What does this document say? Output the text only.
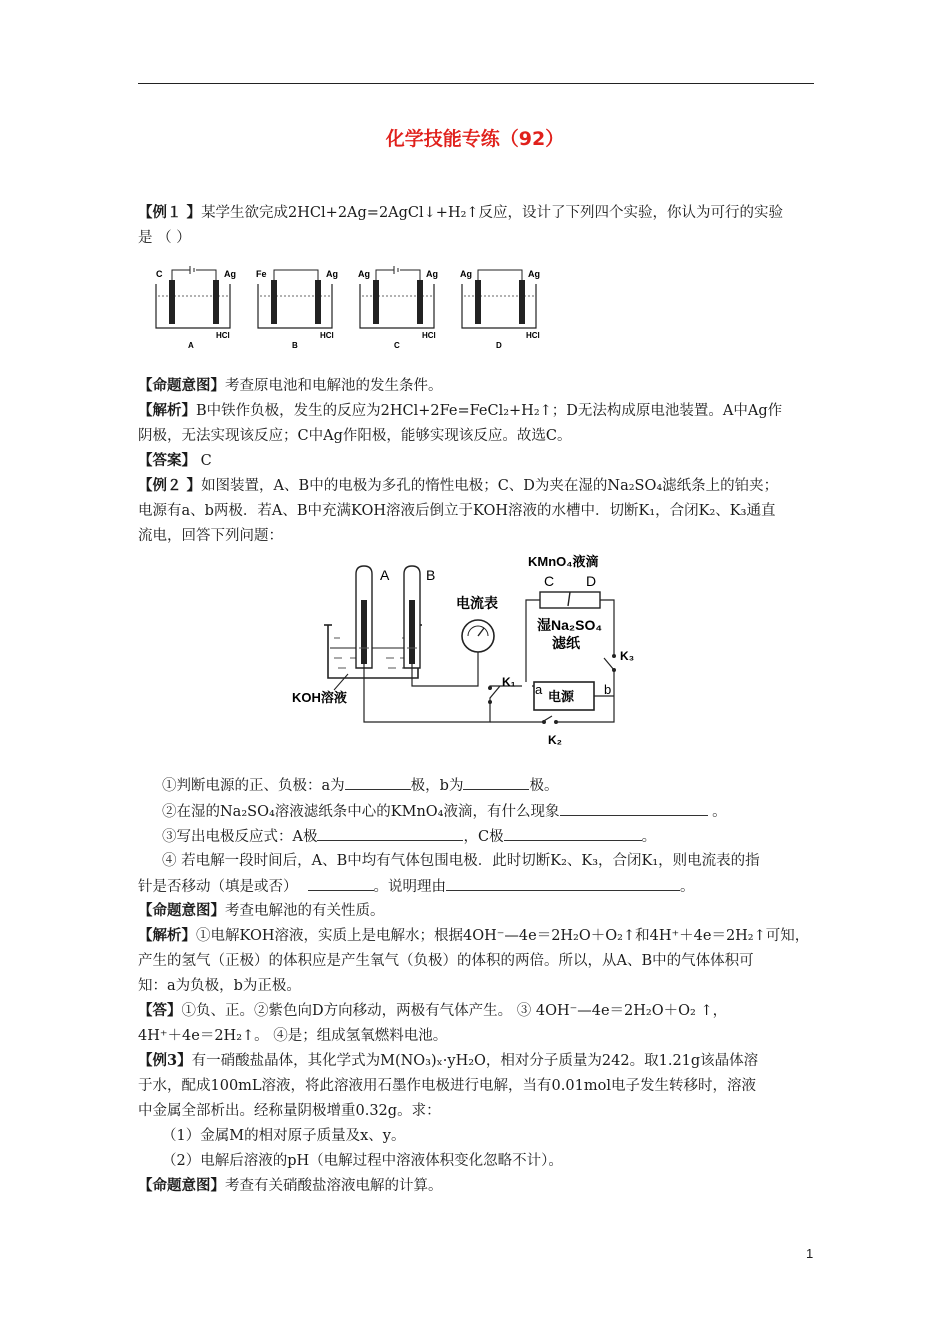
化学技能专练（92）
【例１ 】某学生欲完成2HCl+2Ag=2AgCl↓+H₂↑反应，设计了下列四个实验，你认为可行的实验
是 （ ）
C	Ag
HCl
A
Fe	Ag
HCl
B
Ag	Ag
HCl
C
Ag	Ag
HCl
D
【命题意图】考查原电池和电解池的发生条件。
【解析】B中铁作负极，发生的反应为2HCl+2Fe=FeCl₂+H₂↑；D无法构成原电池装置。A中Ag作
阴极，无法实现该反应；C中Ag作阳极，能够实现该反应。故选C。
【答案】 C
【例２ 】如图装置，A、B中的电极为多孔的惰性电极；C、D为夹在湿的Na₂SO₄滤纸条上的铂夹；
电源有a、b两极．若A、B中充满KOH溶液后倒立于KOH溶液的水槽中．切断K₁，合闭K₂、K₃通直
流电，回答下列问题：
A	B
KOH溶液
电流表
K₁
电源
a	b
K₂
K₃
KMnO₄液滴
C D
湿Na₂SO₄
滤纸
①判断电源的正、负极：a为	极，b为	极。
②在湿的Na₂SO₄溶液滤纸条中心的KMnO₄液滴，有什么现象	。
③写出电极反应式：A极	，C极	。
④ 若电解一段时间后，A、B中均有气体包围电极．此时切断K₂、K₃，合闭K₁，则电流表的指
针是否移动（填是或否）	。说明理由	。
【命题意图】考查电解池的有关性质。
【解析】①电解KOH溶液，实质上是电解水；根据4OH⁻—4e＝2H₂O＋O₂↑和4H⁺＋4e＝2H₂↑可知，
产生的氢气（正极）的体积应是产生氧气（负极）的体积的两倍。所以，从A、B中的气体体积可
知：a为负极，b为正极。
【答】①负、正。②紫色向D方向移动，两极有气体产生。 ③ 4OH⁻—4e＝2H₂O＋O₂ ↑，
4H⁺＋4e＝2H₂↑。 ④是；组成氢氧燃料电池。
【例3】有一硝酸盐晶体，其化学式为M(NO₃)ₓ·yH₂O，相对分子质量为242。取1.21g该晶体溶
于水，配成100mL溶液，将此溶液用石墨作电极进行电解，当有0.01mol电子发生转移时，溶液
中金属全部析出。经称量阴极增重0.32g。求：
（1）金属M的相对原子质量及x、y。
（2）电解后溶液的pH（电解过程中溶液体积变化忽略不计）。
【命题意图】考查有关硝酸盐溶液电解的计算。
1
